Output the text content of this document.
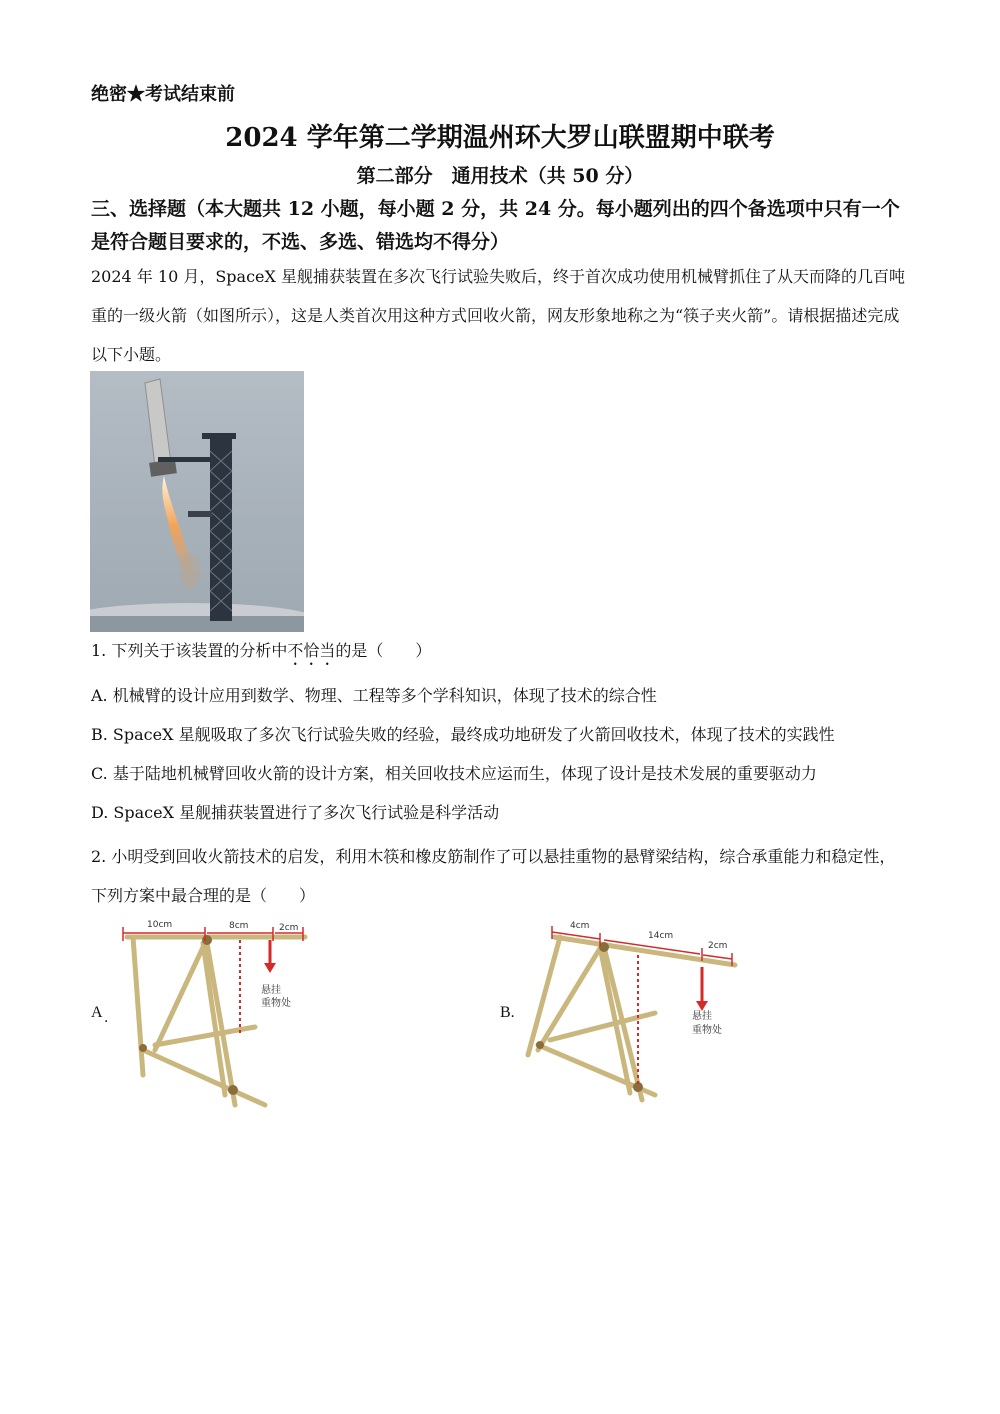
绝密★考试结束前
2024 学年第二学期温州环大罗山联盟期中联考
第二部分　通用技术（共 50 分）
三、选择题（本大题共 12 小题，每小题 2 分，共 24 分。每小题列出的四个备选项中只有一个是符合题目要求的，不选、多选、错选均不得分）
2024 年 10 月，SpaceX 星舰捕获装置在多次飞行试验失败后，终于首次成功使用机械臂抓住了从天而降的几百吨重的一级火箭（如图所示），这是人类首次用这种方式回收火箭，网友形象地称之为“筷子夹火箭”。请根据描述完成以下小题。
1. 下列关于该装置的分析中不恰当的是（　　）
A. 机械臂的设计应用到数学、物理、工程等多个学科知识，体现了技术的综合性
B. SpaceX 星舰吸取了多次飞行试验失败的经验，最终成功地研发了火箭回收技术，体现了技术的实践性
C. 基于陆地机械臂回收火箭的设计方案，相关回收技术应运而生，体现了设计是技术发展的重要驱动力
D. SpaceX 星舰捕获装置进行了多次飞行试验是科学活动
2. 小明受到回收火箭技术的启发，利用木筷和橡皮筋制作了可以悬挂重物的悬臂梁结构，综合承重能力和稳定性，下列方案中最合理的是（　　）
A
·
10cm	8cm	2cm
悬挂
重物处
B.
4cm
14cm
2cm
悬挂
重物处
